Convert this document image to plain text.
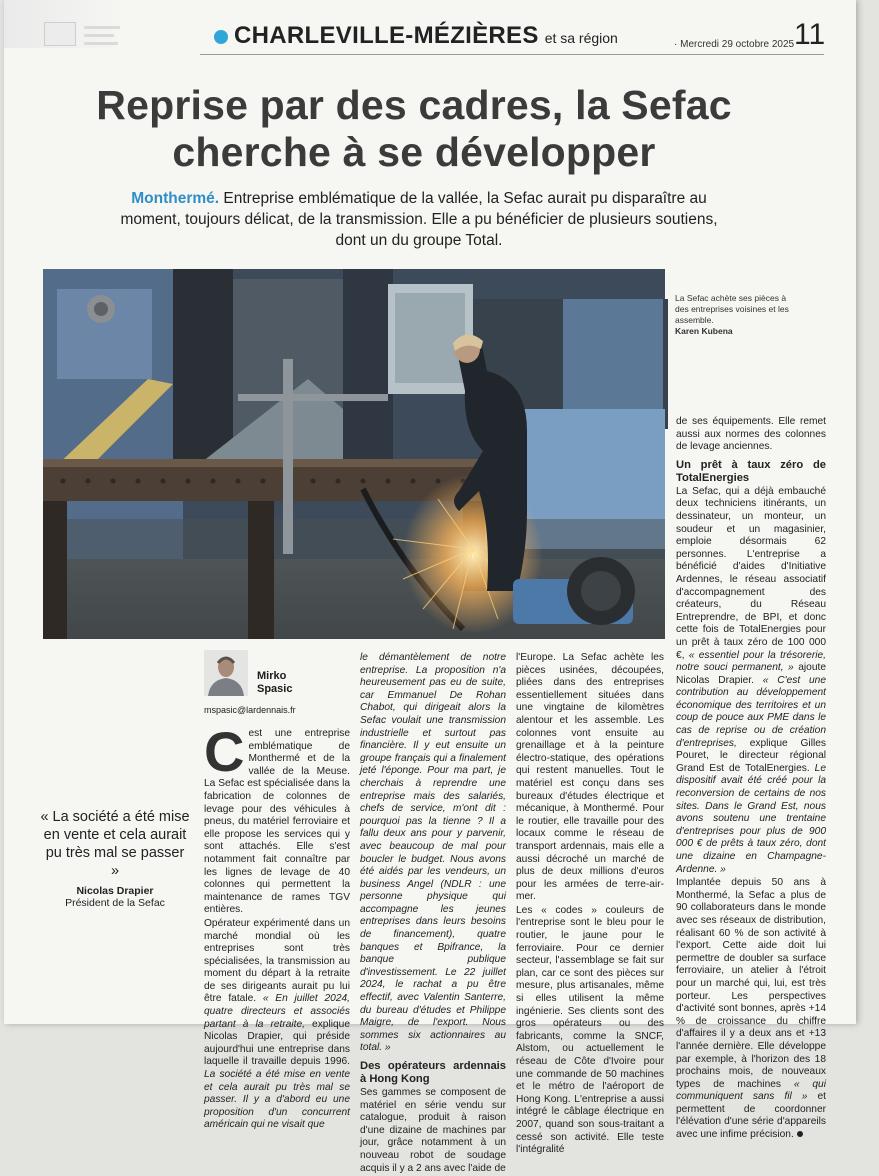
CHARLEVILLE-MÉZIÈRES et sa région	· Mercredi 29 octobre 2025 11
Reprise par des cadres, la Sefac cherche à se développer
Monthermé. Entreprise emblématique de la vallée, la Sefac aurait pu disparaître au moment, toujours délicat, de la transmission. Elle a pu bénéficier de plusieurs soutiens, dont un du groupe Total.
La Sefac achète ses pièces à des entreprises voisines et les assemble.
Karen Kubena
Mirko
Spasic
mspasic@lardennais.fr
« La société a été mise en vente et cela aurait pu très mal se passer »
Nicolas Drapier
Président de la Sefac

Cest une entreprise emblématique de Monthermé et de la vallée de la Meuse. La Sefac est spécialisée dans la fabrication de colonnes de levage pour des véhicules à pneus, du matériel ferroviaire et elle propose les services qui y sont attachés. Elle s'est notamment fait connaître par les lignes de levage de 40 colonnes qui permettent la maintenance de rames TGV entières.

Opérateur expérimenté dans un marché mondial où les entreprises sont très spécialisées, la transmission au moment du départ à la retraite de ses dirigeants aurait pu lui être fatale. « En juillet 2024, quatre directeurs et associés partant à la retraite, explique Nicolas Drapier, qui préside aujourd'hui une entreprise dans laquelle il travaille depuis 1996. La société a été mise en vente et cela aurait pu très mal se passer. Il y a d'abord eu une proposition d'un concurrent américain qui ne visait que

le démantèlement de notre entreprise. La proposition n'a heureusement pas eu de suite, car Emmanuel De Rohan Chabot, qui dirigeait alors la Sefac voulait une transmission industrielle et surtout pas financière. Il y eut ensuite un groupe français qui a finalement jeté l'éponge. Pour ma part, je cherchais à reprendre une entreprise mais des salariés, chefs de service, m'ont dit : pourquoi pas la tienne ? Il a fallu deux ans pour y parvenir, avec beaucoup de mal pour boucler le budget. Nous avons été aidés par les vendeurs, un business Angel (NDLR : une personne physique qui accompagne les jeunes entreprises dans leurs besoins de financement), quatre banques et Bpifrance, la banque publique d'investissement. Le 22 juillet 2024, le rachat a pu être effectif, avec Valentin Santerre, du bureau d'études et Philippe Maigre, de l'export. Nous sommes six actionnaires au total. »

Des opérateurs ardennais à Hong Kong

Ses gammes se composent de matériel en série vendu sur catalogue, produit à raison d'une dizaine de machines par jour, grâce notamment à un nouveau robot de soudage acquis il y a 2 ans avec l'aide de

l'Europe. La Sefac achète les pièces usinées, découpées, pliées dans des entreprises essentiellement situées dans une vingtaine de kilomètres alentour et les assemble. Les colonnes vont ensuite au grenaillage et à la peinture électro-statique, des opérations qui restent manuelles. Tout le matériel est conçu dans ses bureaux d'études électrique et mécanique, à Monthermé. Pour le routier, elle travaille pour des locaux comme le réseau de transport ardennais, mais elle a aussi décroché un marché de plus de deux millions d'euros pour les armées de terre-air-mer.

Les « codes » couleurs de l'entreprise sont le bleu pour le routier, le jaune pour le ferroviaire. Pour ce dernier secteur, l'assemblage se fait sur plan, car ce sont des pièces sur mesure, plus artisanales, même si elles utilisent la même ingénierie. Ses clients sont des gros opérateurs ou des fabricants, comme la SNCF, Alstom, ou actuellement le réseau de Côte d'Ivoire pour une commande de 50 machines et le métro de l'aéroport de Hong Kong. L'entreprise a aussi intégré le câblage électrique en 2007, quand son sous-traitant a cessé son activité. Elle teste l'intégralité

de ses équipements. Elle remet aussi aux normes des colonnes de levage anciennes.

Un prêt à taux zéro de TotalEnergies

La Sefac, qui a déjà embauché deux techniciens itinérants, un dessinateur, un monteur, un soudeur et un magasinier, emploie désormais 62 personnes. L'entreprise a bénéficié d'aides d'Initiative Ardennes, le réseau associatif d'accompagnement des créateurs, du Réseau Entreprendre, de BPI, et donc cette fois de TotalEnergies pour un prêt à taux zéro de 100 000 €, « essentiel pour la trésorerie, notre souci permanent, » ajoute Nicolas Drapier. « C'est une contribution au développement économique des territoires et un coup de pouce aux PME dans le cas de reprise ou de création d'entreprises, explique Gilles Pouret, le directeur régional Grand Est de TotalEnergies. Le dispositif avait été créé pour la reconversion de certains de nos sites. Dans le Grand Est, nous avons soutenu une trentaine d'entreprises pour plus de 900 000 € de prêts à taux zéro, dont une dizaine en Champagne-Ardenne. »

Implantée depuis 50 ans à Monthermé, la Sefac a plus de 90 collaborateurs dans le monde avec ses réseaux de distribution, réalisant 60 % de son activité à l'export. Cette aide doit lui permettre de doubler sa surface ferroviaire, un atelier à l'étroit pour un marché qui, lui, est très porteur. Les perspectives d'activité sont bonnes, après +14 % de croissance du chiffre d'affaires il y a deux ans et +13 l'année dernière. Elle développe par exemple, à l'horizon des 18 prochains mois, de nouveaux types de machines « qui communiquent sans fil » et permettent de coordonner l'élévation d'une série d'appareils avec une infime précision.
